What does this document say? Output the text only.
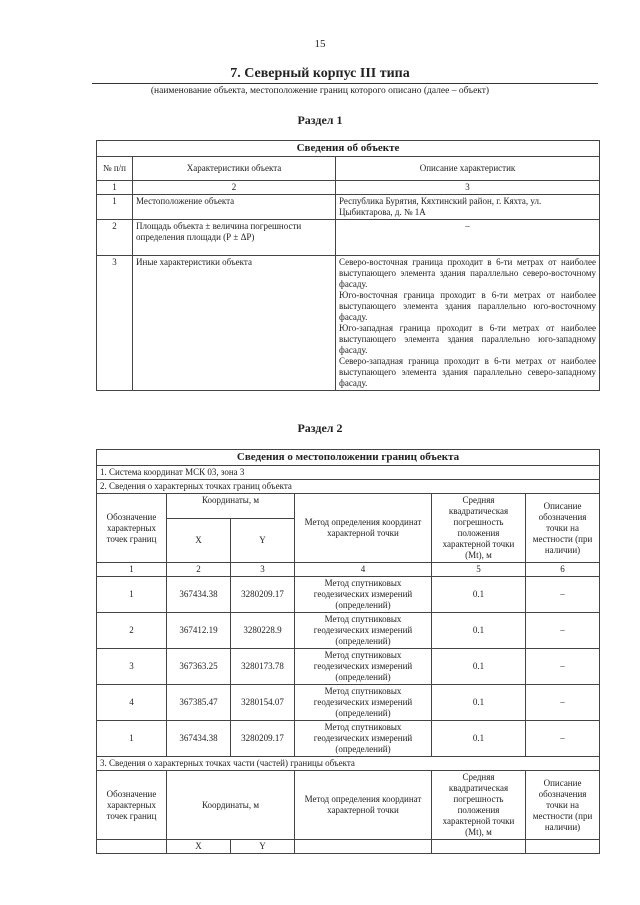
15
7. Северный корпус III типа
(наименование объекта, местоположение границ которого описано (далее – объект)
Раздел 1
Сведения об объекте		
№ п/п	Характеристики объекта	Описание характеристик
1	2	3
1	Местоположение объекта	Республика Бурятия, Кяхтинский район, г. Кяхта, ул. Цыбиктарова, д. № 1А
2	Площадь объекта ± величина погрешности определения площади (Р ± ΔР)	–
3	Иные характеристики объекта	Северо-восточная граница проходит в 6-ти метрах от наиболее выступающего элемента здания параллельно северо-восточному фасаду.

Юго-восточная граница проходит в 6-ти метрах от наиболее выступающего элемента здания параллельно юго-восточному фасаду.

Юго-западная граница проходит в 6-ти метрах от наиболее выступающего элемента здания параллельно юго-западному фасаду.

Северо-западная граница проходит в 6-ти метрах от наиболее выступающего элемента здания параллельно северо-западному фасаду.

Раздел 2
Сведения о местоположении границ объекта					
1. Система координат МСК 03, зона 3					
2. Сведения о характерных точках границ объекта					
Обозначение характерных точек границ	Координаты, м		Метод определения координат характерной точки	Средняя квадратическая погрешность положения характерной точки (Mt), м	Описание обозначения точки на местности (при наличии)
	X	Y			
1	2	3	4	5	6
1	367434.38	3280209.17	Метод спутниковых геодезических измерений (определений)	0.1	–
2	367412.19	3280228.9	Метод спутниковых геодезических измерений (определений)	0.1	–
3	367363.25	3280173.78	Метод спутниковых геодезических измерений (определений)	0.1	–
4	367385.47	3280154.07	Метод спутниковых геодезических измерений (определений)	0.1	–
1	367434.38	3280209.17	Метод спутниковых геодезических измерений (определений)	0.1	–
3. Сведения о характерных точках части (частей) границы объекта					
Обозначение характерных точек границ	Координаты, м		Метод определения координат характерной точки	Средняя квадратическая погрешность положения характерной точки (Mt), м	Описание обозначения точки на местности (при наличии)
	X	Y			
